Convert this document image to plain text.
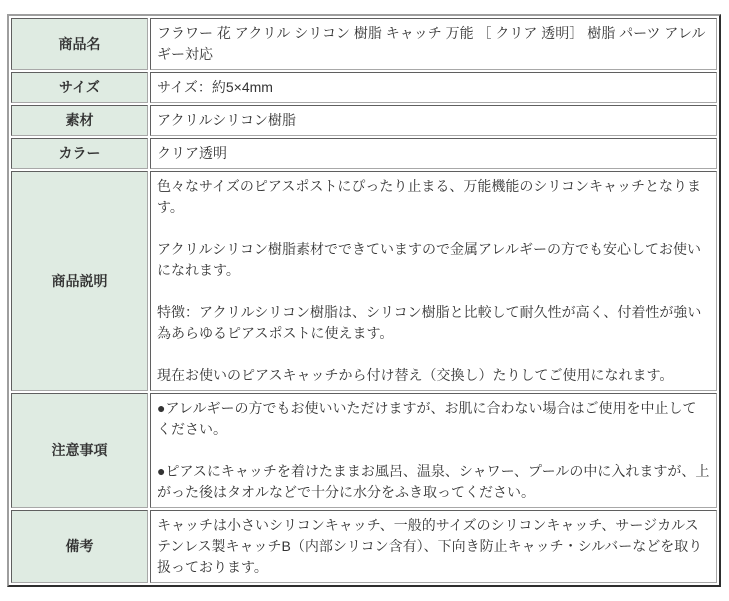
商品名	フラワー 花 アクリル シリコン 樹脂 キャッチ 万能 ［ クリア 透明］ 樹脂 パーツ アレルギー対応

サイズ	サイズ：約5×4mm

素材	アクリルシリコン樹脂

カラー	クリア透明

商品説明	色々なサイズのピアスポストにぴったり止まる、万能機能のシリコンキャッチとなります。
アクリルシリコン樹脂素材でできていますので金属アレルギーの方でも安心してお使いになれます。
特徴：アクリルシリコン樹脂は、シリコン樹脂と比較して耐久性が高く、付着性が強い為あらゆるピアスポストに使えます。
現在お使いのピアスキャッチから付け替え（交換し）たりしてご使用になれます。

注意事項	●アレルギーの方でもお使いいただけますが、お肌に合わない場合はご使用を中止してください。
●ピアスにキャッチを着けたままお風呂、温泉、シャワー、プールの中に入れますが、上がった後はタオルなどで十分に水分をふき取ってください。

備考	キャッチは小さいシリコンキャッチ、一般的サイズのシリコンキャッチ、サージカルステンレス製キャッチB（内部シリコン含有）、下向き防止キャッチ・シルバーなどを取り扱っております。
